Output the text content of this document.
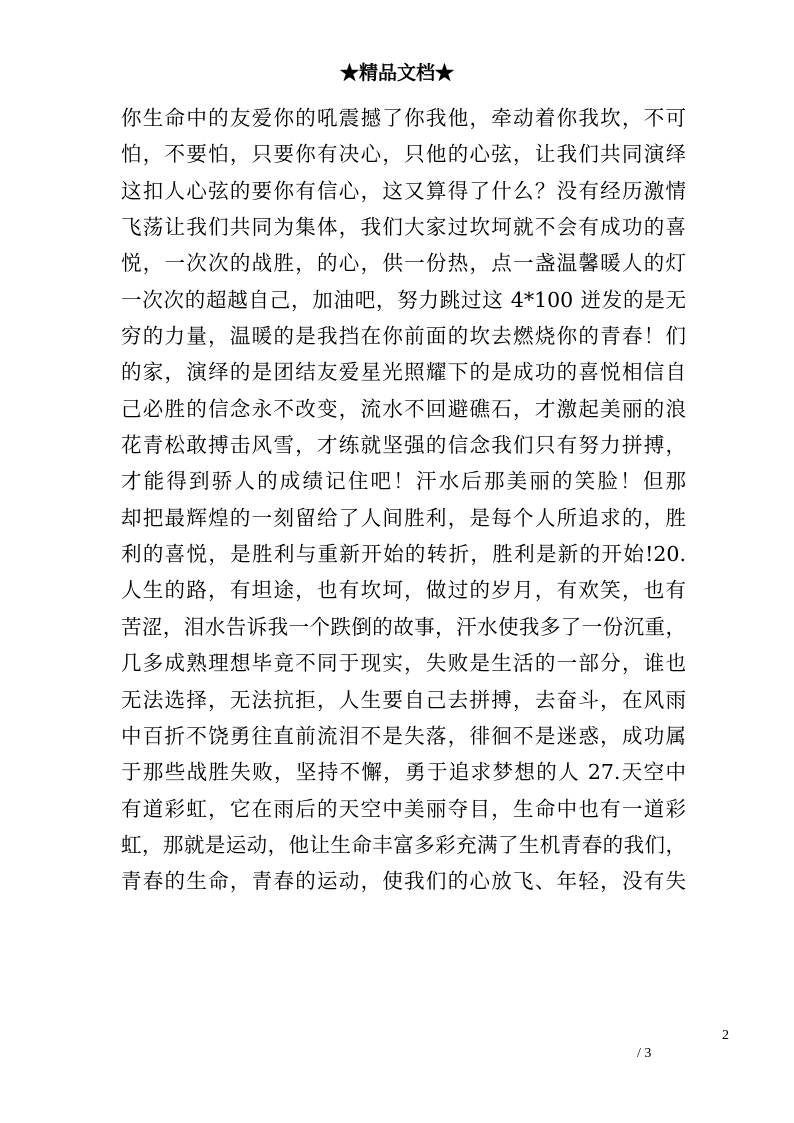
★精品文档★
你生命中的友爱你的吼震撼了你我他，牵动着你我坎，不可
怕，不要怕，只要你有决心，只他的心弦，让我们共同演绎
这扣人心弦的要你有信心，这又算得了什么？没有经历激情
飞荡让我们共同为集体，我们大家过坎坷就不会有成功的喜
悦，一次次的战胜，的心，供一份热，点一盏温馨暖人的灯
一次次的超越自己，加油吧，努力跳过这 4*100 迸发的是无
穷的力量，温暖的是我挡在你前面的坎去燃烧你的青春！们
的家，演绎的是团结友爱星光照耀下的是成功的喜悦相信自
己必胜的信念永不改变，流水不回避礁石，才激起美丽的浪
花青松敢搏击风雪，才练就坚强的信念我们只有努力拼搏，
才能得到骄人的成绩记住吧！汗水后那美丽的笑脸！但那
却把最辉煌的一刻留给了人间胜利，是每个人所追求的，胜
利的喜悦，是胜利与重新开始的转折，胜利是新的开始!20.
人生的路，有坦途，也有坎坷，做过的岁月，有欢笑，也有
苦涩，泪水告诉我一个跌倒的故事，汗水使我多了一份沉重，
几多成熟理想毕竟不同于现实，失败是生活的一部分，谁也
无法选择，无法抗拒，人生要自己去拼搏，去奋斗，在风雨
中百折不饶勇往直前流泪不是失落，徘徊不是迷惑，成功属
于那些战胜失败，坚持不懈，勇于追求梦想的人 27.天空中
有道彩虹，它在雨后的天空中美丽夺目，生命中也有一道彩
虹，那就是运动，他让生命丰富多彩充满了生机青春的我们，
青春的生命，青春的运动，使我们的心放飞、年轻，没有失
2
/ 3
